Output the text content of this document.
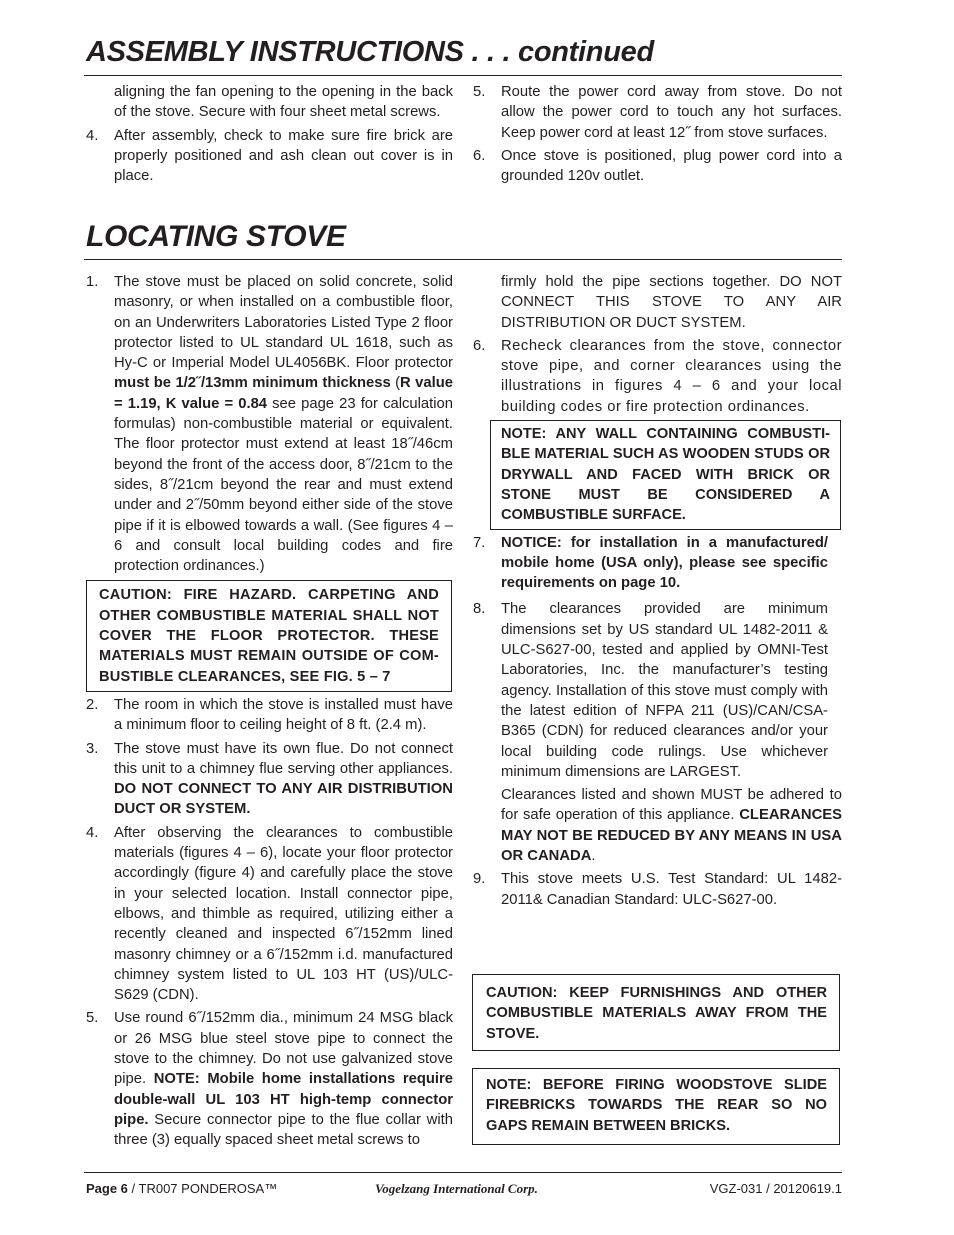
ASSEMBLY INSTRUCTIONS . . . continued
aligning the fan opening to the opening in the back of the stove. Secure with four sheet metal screws.
4.	After assembly, check to make sure fire brick are properly positioned and ash clean out cover is in place.
5.	Route the power cord away from stove. Do not allow the power cord to touch any hot surfaces. Keep power cord at least 12˝ from stove surfaces.
6.	Once stove is positioned, plug power cord into a grounded 120v outlet.
LOCATING STOVE
1.	The stove must be placed on solid concrete, solid masonry, or when installed on a combustible floor, on an Underwriters Laboratories Listed Type 2 floor protector listed to UL standard UL 1618, such as Hy-C or Imperial Model UL4056BK. Floor protector must be 1/2˝/13mm minimum thickness (R value = 1.19, K value = 0.84 see page 23 for calculation formulas) non-combustible material or equivalent. The floor protector must extend at least 18˝/46cm beyond the front of the access door, 8˝/21cm to the sides, 8˝/21cm beyond the rear and must extend under and 2˝/50mm beyond either side of the stove pipe if it is elbowed towards a wall. (See figures 4 – 6 and consult local building codes and fire protection ordinances.)
CAUTION: FIRE HAZARD. CARPETING AND OTHER COMBUSTIBLE MATERIAL SHALL NOT COVER THE FLOOR PROTECTOR. THESE MATERIALS MUST REMAIN OUTSIDE OF COM-BUSTIBLE CLEARANCES, SEE FIG. 5 – 7
2.	The room in which the stove is installed must have a minimum floor to ceiling height of 8 ft. (2.4 m).
3.	The stove must have its own flue. Do not connect this unit to a chimney flue serving other appliances. DO NOT CONNECT TO ANY AIR DISTRIBUTION DUCT OR SYSTEM.
4.	After observing the clearances to combustible materials (figures 4 – 6), locate your floor protector accordingly (figure 4) and carefully place the stove in your selected location. Install connector pipe, elbows, and thimble as required, utilizing either a recently cleaned and inspected 6˝/152mm lined masonry chimney or a 6˝/152mm i.d. manufactured chimney system listed to UL 103 HT (US)/ULC-S629 (CDN).
5.	Use round 6˝/152mm dia., minimum 24 MSG black or 26 MSG blue steel stove pipe to connect the stove to the chimney. Do not use galvanized stove pipe. NOTE: Mobile home installations require double-wall UL 103 HT high-temp connector pipe. Secure connector pipe to the flue collar with three (3) equally spaced sheet metal screws to
firmly hold the pipe sections together. DO NOT CONNECT THIS STOVE TO ANY AIR DISTRIBUTION OR DUCT SYSTEM.
6.	Recheck clearances from the stove, connector stove pipe, and corner clearances using the illustrations in figures 4 – 6 and your local building codes or fire protection ordinances.
NOTE: ANY WALL CONTAINING COMBUSTI-BLE MATERIAL SUCH AS WOODEN STUDS OR DRYWALL AND FACED WITH BRICK OR STONE MUST BE CONSIDERED A COMBUSTIBLE SURFACE.
7.	NOTICE: for installation in a manufactured/ mobile home (USA only), please see specific requirements on page 10.
8.	The clearances provided are minimum dimensions set by US standard UL 1482-2011 & ULC-S627-00, tested and applied by OMNI-Test Laboratories, Inc. the manufacturer’s testing agency. Installation of this stove must comply with the latest edition of NFPA 211 (US)/CAN/CSA-B365 (CDN) for reduced clearances and/or your local building code rulings. Use whichever minimum dimensions are LARGEST.
Clearances listed and shown MUST be adhered to for safe operation of this appliance. CLEARANCES MAY NOT BE REDUCED BY ANY MEANS IN USA OR CANADA.
9.	This stove meets U.S. Test Standard: UL 1482-2011& Canadian Standard: ULC-S627-00.
CAUTION: KEEP FURNISHINGS AND OTHER COMBUSTIBLE MATERIALS AWAY FROM THE STOVE.
NOTE: BEFORE FIRING WOODSTOVE SLIDE FIREBRICKS TOWARDS THE REAR SO NO GAPS REMAIN BETWEEN BRICKS.
Page 6 / TR007 PONDEROSA™	Vogelzang International Corp.	VGZ-031 / 20120619.1
